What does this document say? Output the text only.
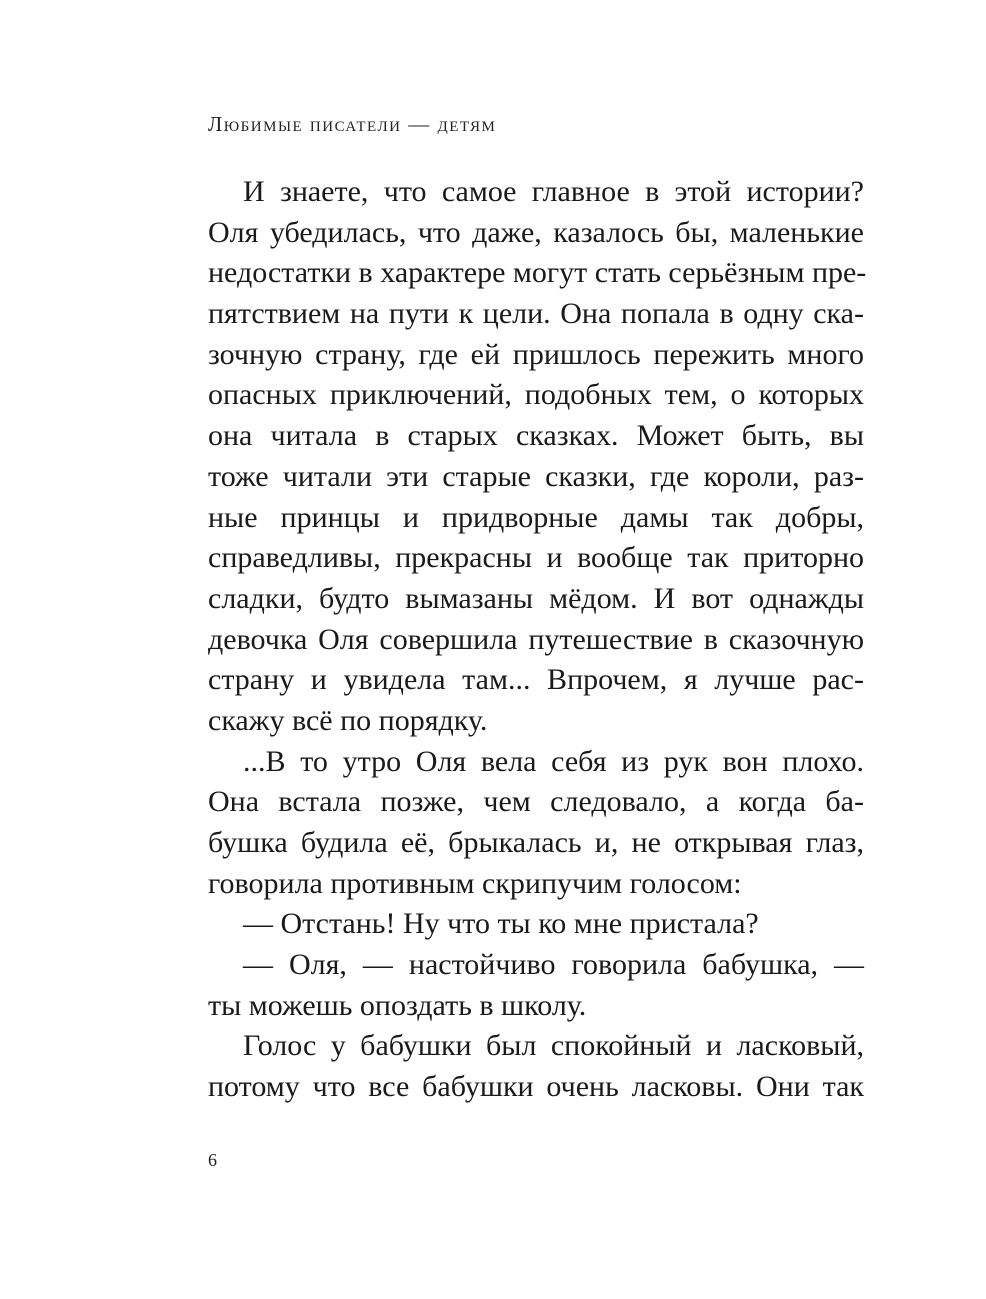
Любимые писатели — детям
И знаете, что самое главное в этой истории?
Оля убедилась, что даже, казалось бы, маленькие
недостатки в характере могут стать серьёзным пре-
пятствием на пути к цели. Она попала в одну ска-
зочную страну, где ей пришлось пережить много
опасных приключений, подобных тем, о которых
она читала в старых сказках. Может быть, вы
тоже читали эти старые сказки, где короли, раз-
ные принцы и придворные дамы так добры,
справедливы, прекрасны и вообще так приторно
сладки, будто вымазаны мёдом. И вот однажды
девочка Оля совершила путешествие в сказочную
страну и увидела там... Впрочем, я лучше рас-
скажу всё по порядку.
...В то утро Оля вела себя из рук вон плохо.
Она встала позже, чем следовало, а когда ба-
бушка будила её, брыкалась и, не открывая глаз,
говорила противным скрипучим голосом:
— Отстань! Ну что ты ко мне пристала?
— Оля, — настойчиво говорила бабушка, —
ты можешь опоздать в школу.
Голос у бабушки был спокойный и ласковый,
потому что все бабушки очень ласковы. Они так
6
